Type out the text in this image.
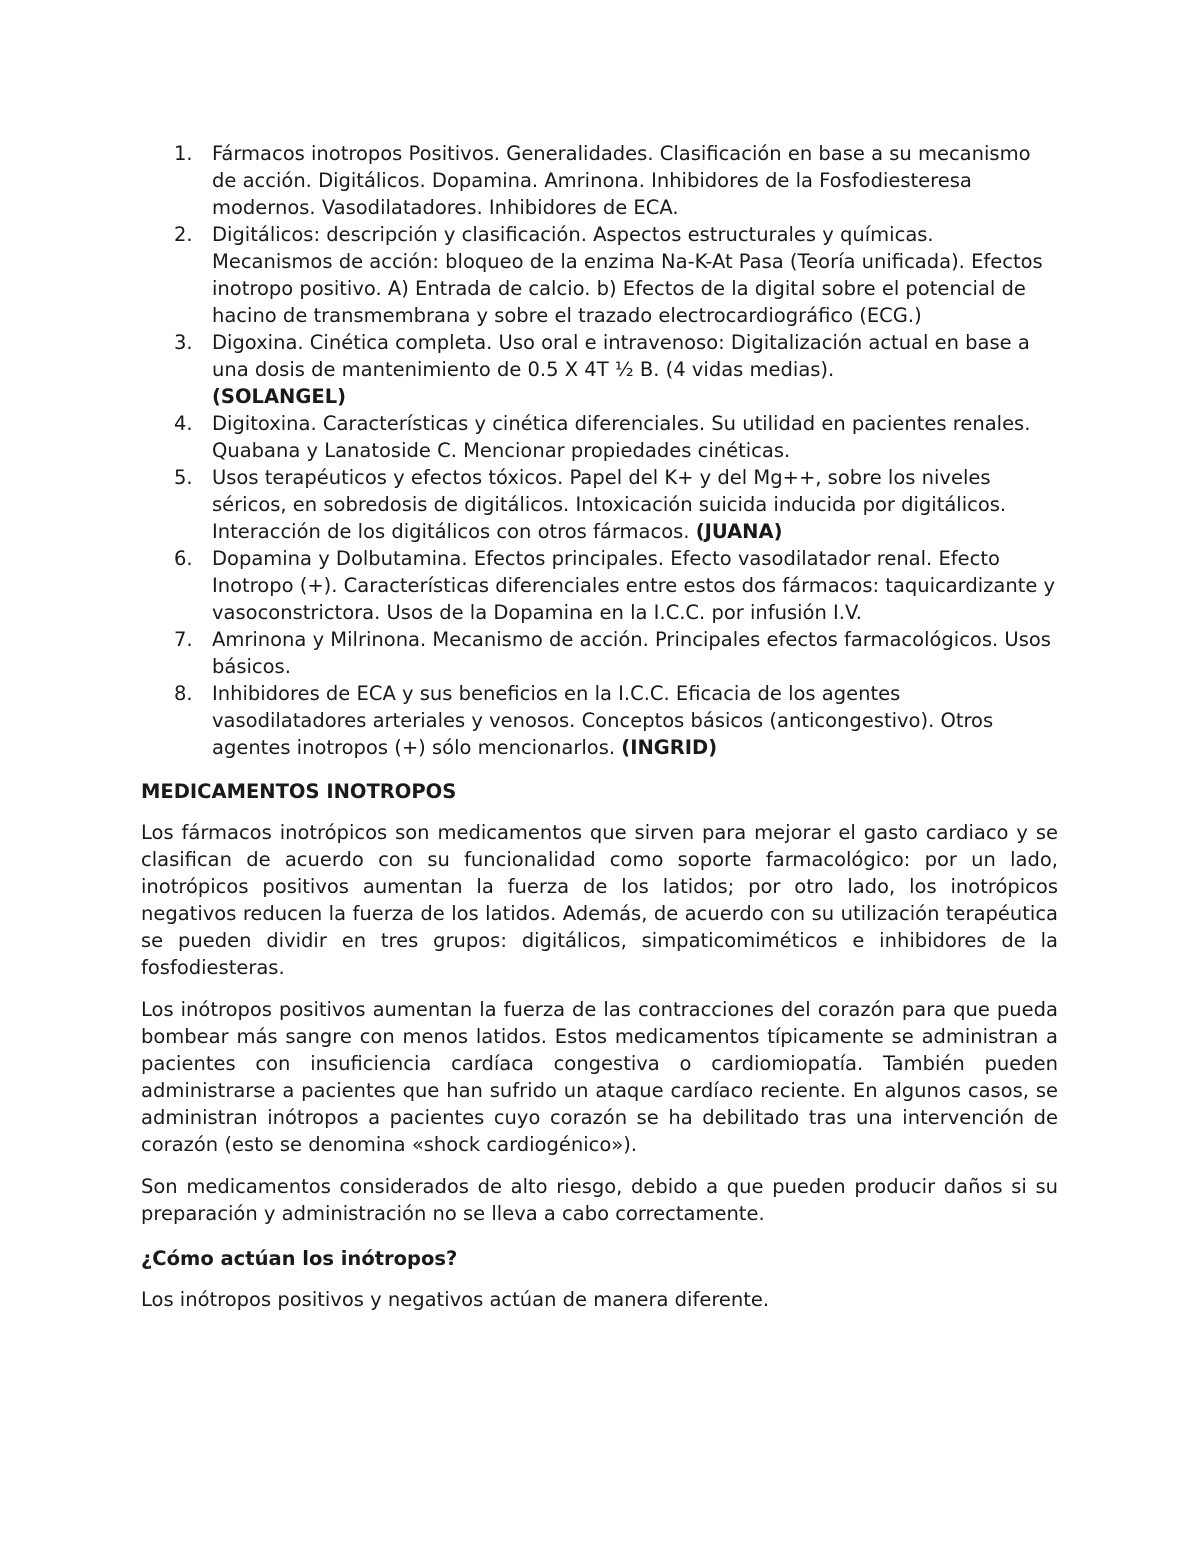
1. Fármacos inotropos Positivos. Generalidades. Clasificación en base a su mecanismo de acción. Digitálicos. Dopamina. Amrinona. Inhibidores de la Fosfodiesteresa modernos. Vasodilatadores. Inhibidores de ECA.
2. Digitálicos: descripción y clasificación. Aspectos estructurales y químicas. Mecanismos de acción: bloqueo de la enzima Na-K-At Pasa (Teoría unificada). Efectos inotropo positivo. A) Entrada de calcio. b) Efectos de la digital sobre el potencial de hacino de transmembrana y sobre el trazado electrocardiográfico (ECG.)
3. Digoxina. Cinética completa. Uso oral e intravenoso: Digitalización actual en base a una dosis de mantenimiento de 0.5 X 4T ½ B. (4 vidas medias).
(SOLANGEL)
4. Digitoxina. Características y cinética diferenciales. Su utilidad en pacientes renales. Quabana y Lanatoside C. Mencionar propiedades cinéticas.
5. Usos terapéuticos y efectos tóxicos. Papel del K+ y del Mg++, sobre los niveles séricos, en sobredosis de digitálicos. Intoxicación suicida inducida por digitálicos. Interacción de los digitálicos con otros fármacos. (JUANA)
6. Dopamina y Dolbutamina. Efectos principales. Efecto vasodilatador renal. Efecto Inotropo (+). Características diferenciales entre estos dos fármacos: taquicardizante y vasoconstrictora. Usos de la Dopamina en la I.C.C. por infusión I.V.
7. Amrinona y Milrinona. Mecanismo de acción. Principales efectos farmacológicos. Usos básicos.
8. Inhibidores de ECA y sus beneficios en la I.C.C. Eficacia de los agentes vasodilatadores arteriales y venosos. Conceptos básicos (anticongestivo). Otros agentes inotropos (+) sólo mencionarlos. (INGRID)
MEDICAMENTOS INOTROPOS

Los fármacos inotrópicos son medicamentos que sirven para mejorar el gasto cardiaco y se clasifican de acuerdo con su funcionalidad como soporte farmacológico: por un lado, inotrópicos positivos aumentan la fuerza de los latidos; por otro lado, los inotrópicos negativos reducen la fuerza de los latidos. Además, de acuerdo con su utilización terapéutica se pueden dividir en tres grupos: digitálicos, simpaticomiméticos e inhibidores de la fosfodiesteras.

Los inótropos positivos aumentan la fuerza de las contracciones del corazón para que pueda bombear más sangre con menos latidos. Estos medicamentos típicamente se administran a pacientes con insuficiencia cardíaca congestiva o cardiomiopatía. También pueden administrarse a pacientes que han sufrido un ataque cardíaco reciente. En algunos casos, se administran inótropos a pacientes cuyo corazón se ha debilitado tras una intervención de corazón (esto se denomina «shock cardiogénico»).

Son medicamentos considerados de alto riesgo, debido a que pueden producir daños si su preparación y administración no se lleva a cabo correctamente.

¿Cómo actúan los inótropos?

Los inótropos positivos y negativos actúan de manera diferente.
